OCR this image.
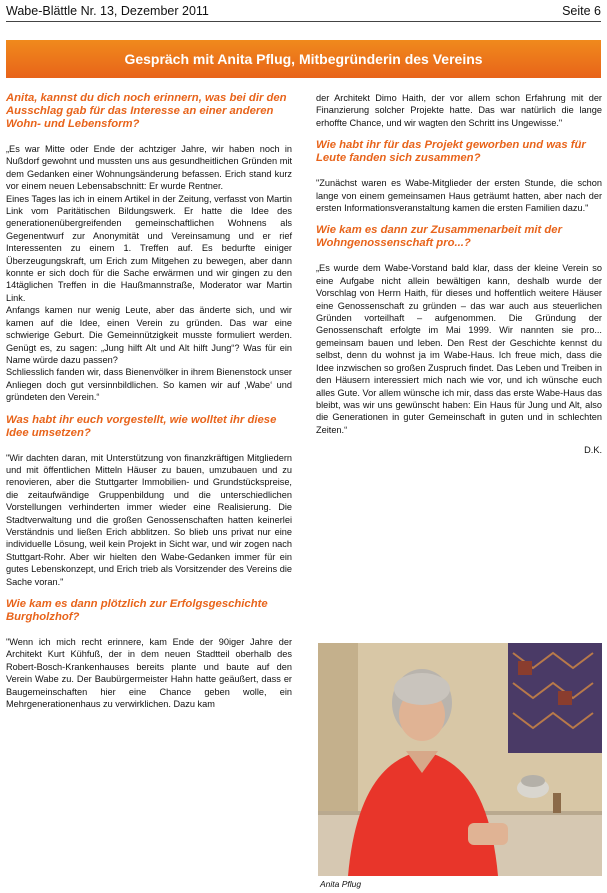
Wabe-Blättle Nr. 13, Dezember 2011	Seite 6
Gespräch mit Anita Pflug, Mitbegründerin des Vereins
Anita, kannst du dich noch erinnern, was bei dir den Ausschlag gab für das Interesse an einer anderen Wohn- und Lebensform?
„Es war Mitte oder Ende der achtziger Jahre, wir haben noch in Nußdorf gewohnt und mussten uns aus gesundheitlichen Gründen mit dem Gedanken einer Wohnungsänderung befassen. Erich stand kurz vor einem neuen Lebensabschnitt: Er wurde Rentner.
Eines Tages las ich in einem Artikel in der Zeitung, verfasst von Martin Link vom Paritätischen Bildungswerk. Er hatte die Idee des generationenübergreifenden gemeinschaftlichen Wohnens als Gegenentwurf zur Anonymität und Vereinsamung und er rief Interessenten zu einem 1. Treffen auf. Es bedurfte einiger Überzeugungskraft, um Erich zum Mitgehen zu bewegen, aber dann konnte er sich doch für die Sache erwärmen und wir gingen zu den 14täglichen Treffen in die Haußmannstraße, Moderator war Martin Link.
Anfangs kamen nur wenig Leute, aber das änderte sich, und wir kamen auf die Idee, einen Verein zu gründen. Das war eine schwierige Geburt. Die Gemeinnützigkeit musste formuliert werden. Genügt es, zu sagen: „Jung hilft Alt und Alt hilft Jung“? Was für ein Name würde dazu passen?
Schliesslich fanden wir, dass Bienenvölker in ihrem Bienenstock unser Anliegen doch gut versinnbildlichen. So kamen wir auf ‚Wabe‘ und gründeten den Verein.“
Was habt ihr euch vorgestellt, wie wolltet ihr diese Idee umsetzen?
"Wir dachten daran, mit Unterstützung von finanzkräftigen Mitgliedern und mit öffentlichen Mitteln Häuser zu bauen, umzubauen und zu renovieren, aber die Stuttgarter Immobilien- und Grundstückspreise, die zeitaufwändige Gruppenbildung und die unterschiedlichen Vorstellungen verhinderten immer wieder eine Realisierung. Die Stadtverwaltung und die großen Genossenschaften hatten keinerlei Verständnis und ließen Erich abblitzen. So blieb uns privat nur eine individuelle Lösung, weil kein Projekt in Sicht war, und wir zogen nach Stuttgart-Rohr. Aber wir hielten den Wabe-Gedanken immer für ein gutes Lebenskonzept, und Erich trieb als Vorsitzender des Vereins die Sache voran."
Wie kam es dann plötzlich zur Erfolgsgeschichte Burgholzhof?
"Wenn ich mich recht erinnere, kam Ende der 90iger Jahre der Architekt Kurt Kühfuß, der in dem neuen Stadtteil oberhalb des Robert-Bosch-Krankenhauses bereits plante und baute auf den Verein Wabe zu. Der Baubürgermeister Hahn hatte geäußert, dass er Baugemeinschaften hier eine Chance geben wolle, ein Mehrgenerationenhaus zu verwirklichen. Dazu kam
der Architekt Dimo Haith, der vor allem schon Erfahrung mit der Finanzierung solcher Projekte hatte. Das war natürlich die lange erhoffte Chance, und wir wagten den Schritt ins Ungewisse."
Wie habt ihr für das Projekt geworben und was für Leute fanden sich zusammen?
"Zunächst waren es Wabe-Mitglieder der ersten Stunde, die schon lange von einem gemeinsamen Haus geträumt hatten, aber nach der ersten Informationsveranstaltung kamen die ersten Familien dazu."
Wie kam es dann zur Zusammenarbeit mit der Wohngenossenschaft pro...?
„Es wurde dem Wabe-Vorstand bald klar, dass der kleine Verein so eine Aufgabe nicht allein bewältigen kann, deshalb wurde der Vorschlag von Herrn Haith, für dieses und hoffentlich weitere Häuser eine Genossenschaft zu gründen – das war auch aus steuerlichen Gründen vorteilhaft – aufgenommen. Die Gründung der Genossenschaft erfolgte im Mai 1999. Wir nannten sie pro... gemeinsam bauen und leben. Den Rest der Geschichte kennst du selbst, denn du wohnst ja im Wabe-Haus. Ich freue mich, dass die Idee inzwischen so großen Zuspruch findet. Das Leben und Treiben in den Häusern interessiert mich nach wie vor, und ich wünsche euch alles Gute. Vor allem wünsche ich mir, dass das erste Wabe-Haus das bleibt, was wir uns gewünscht haben: Ein Haus für Jung und Alt, also die Generationen in guter Gemeinschaft in guten und in schlechten Zeiten.“
D.K.
Anita Pflug
